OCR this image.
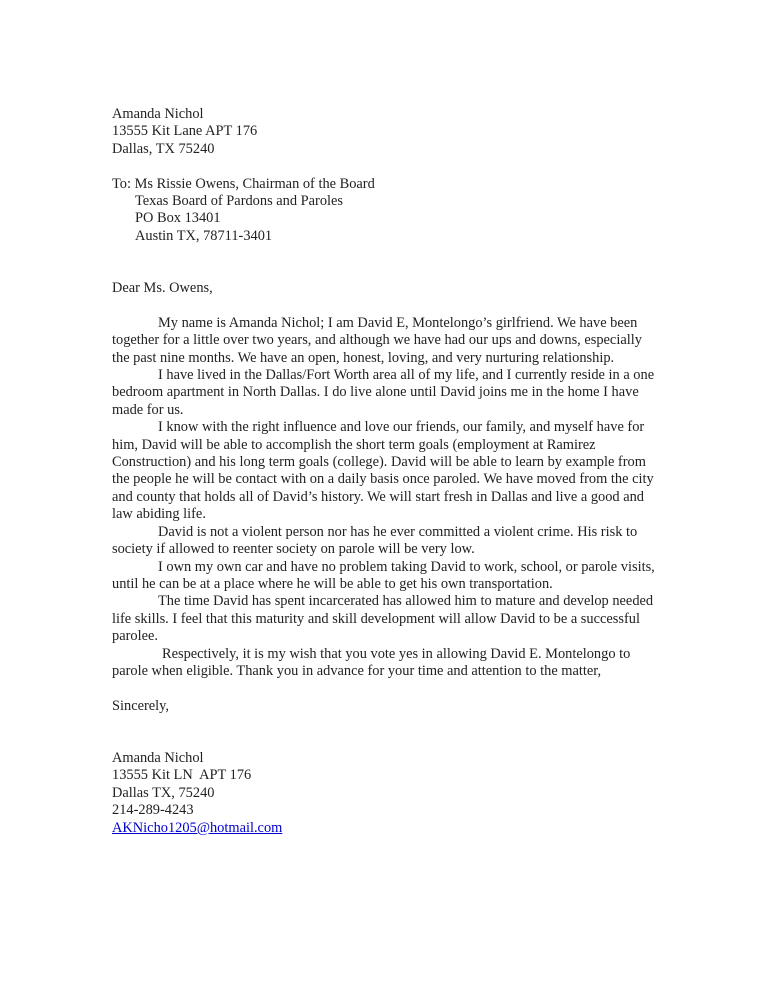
Amanda Nichol
13555 Kit Lane APT 176
Dallas, TX 75240
To: Ms Rissie Owens, Chairman of the Board
Texas Board of Pardons and Paroles
PO Box 13401
Austin TX, 78711-3401
Dear Ms. Owens,

My name is Amanda Nichol; I am David E, Montelongo’s girlfriend. We have been together for a little over two years, and although we have had our ups and downs, especially the past nine months. We have an open, honest, loving, and very nurturing relationship.

I have lived in the Dallas/Fort Worth area all of my life, and I currently reside in a one bedroom apartment in North Dallas. I do live alone until David joins me in the home I have made for us.

I know with the right influence and love our friends, our family, and myself have for him, David will be able to accomplish the short term goals (employment at Ramirez Construction) and his long term goals (college). David will be able to learn by example from the people he will be contact with on a daily basis once paroled. We have moved from the city and county that holds all of David’s history. We will start fresh in Dallas and live a good and law abiding life.

David is not a violent person nor has he ever committed a violent crime. His risk to society if allowed to reenter society on parole will be very low.

I own my own car and have no problem taking David to work, school, or parole visits, until he can be at a place where he will be able to get his own transportation.

The time David has spent incarcerated has allowed him to mature and develop needed life skills. I feel that this maturity and skill development will allow David to be a successful parolee.

Respectively, it is my wish that you vote yes in allowing David E. Montelongo to parole when eligible. Thank you in advance for your time and attention to the matter,

Sincerely,
Amanda Nichol
13555 Kit LN  APT 176
Dallas TX, 75240
214-289-4243
AKNicho1205@hotmail.com
